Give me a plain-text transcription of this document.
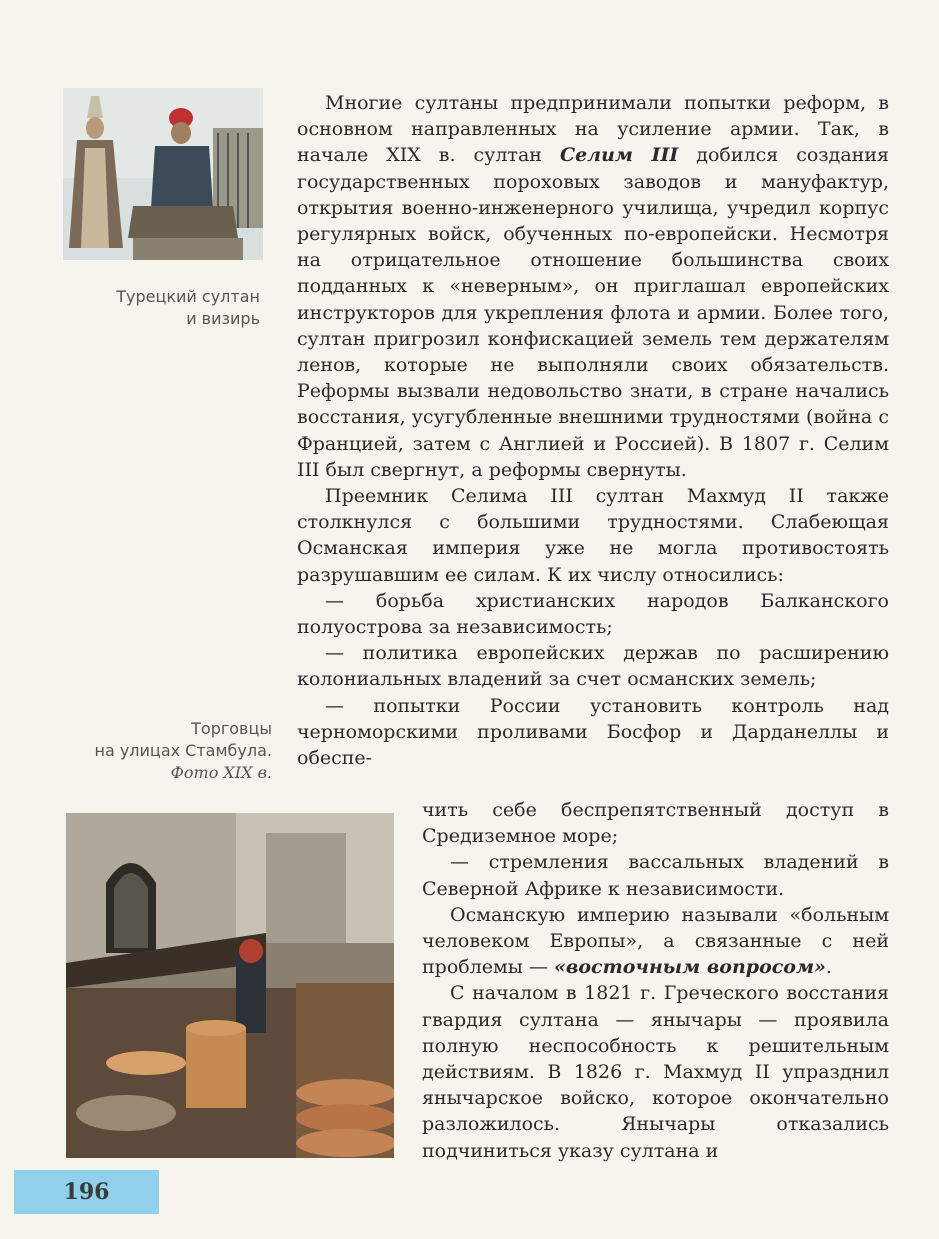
Турецкий султан
и визирь
Торговцы
на улицах Стамбула.
Фото XIX в.

Многие султаны предпринимали попытки реформ, в основном направленных на усиление армии. Так, в начале XIX в. султан Селим III добился создания государственных пороховых заводов и мануфактур, открытия военно-инженерного училища, учредил корпус регулярных войск, обученных по-европейски. Несмотря на отрицательное отношение большинства своих подданных к «неверным», он приглашал европейских инструкторов для укрепления флота и армии. Более того, султан пригрозил конфискацией земель тем держателям ленов, которые не выполняли своих обязательств. Реформы вызвали недовольство знати, в стране начались восстания, усугубленные внешними трудностями (война с Францией, затем с Англией и Россией). В 1807 г. Селим III был свергнут, а реформы свернуты.

Преемник Селима III султан Махмуд II также столкнулся с большими трудностями. Слабеющая Османская империя уже не могла противостоять разрушавшим ее силам. К их числу относились:

— борьба христианских народов Балканского полуострова за независимость;

— политика европейских держав по расширению колониальных владений за счет османских земель;

— попытки России установить контроль над черноморскими проливами Босфор и Дарданеллы и обеспе-

чить себе беспрепятственный доступ в Средиземное море;

— стремления вассальных владений в Северной Африке к независимости.

Османскую империю называли «больным человеком Европы», а связанные с ней проблемы — «восточным вопросом».

С началом в 1821 г. Греческого восстания гвардия султана — янычары — проявила полную неспособность к решительным действиям. В 1826 г. Махмуд II упразднил янычарское войско, которое окончательно разложилось. Янычары отказались подчиниться указу султана и

196
